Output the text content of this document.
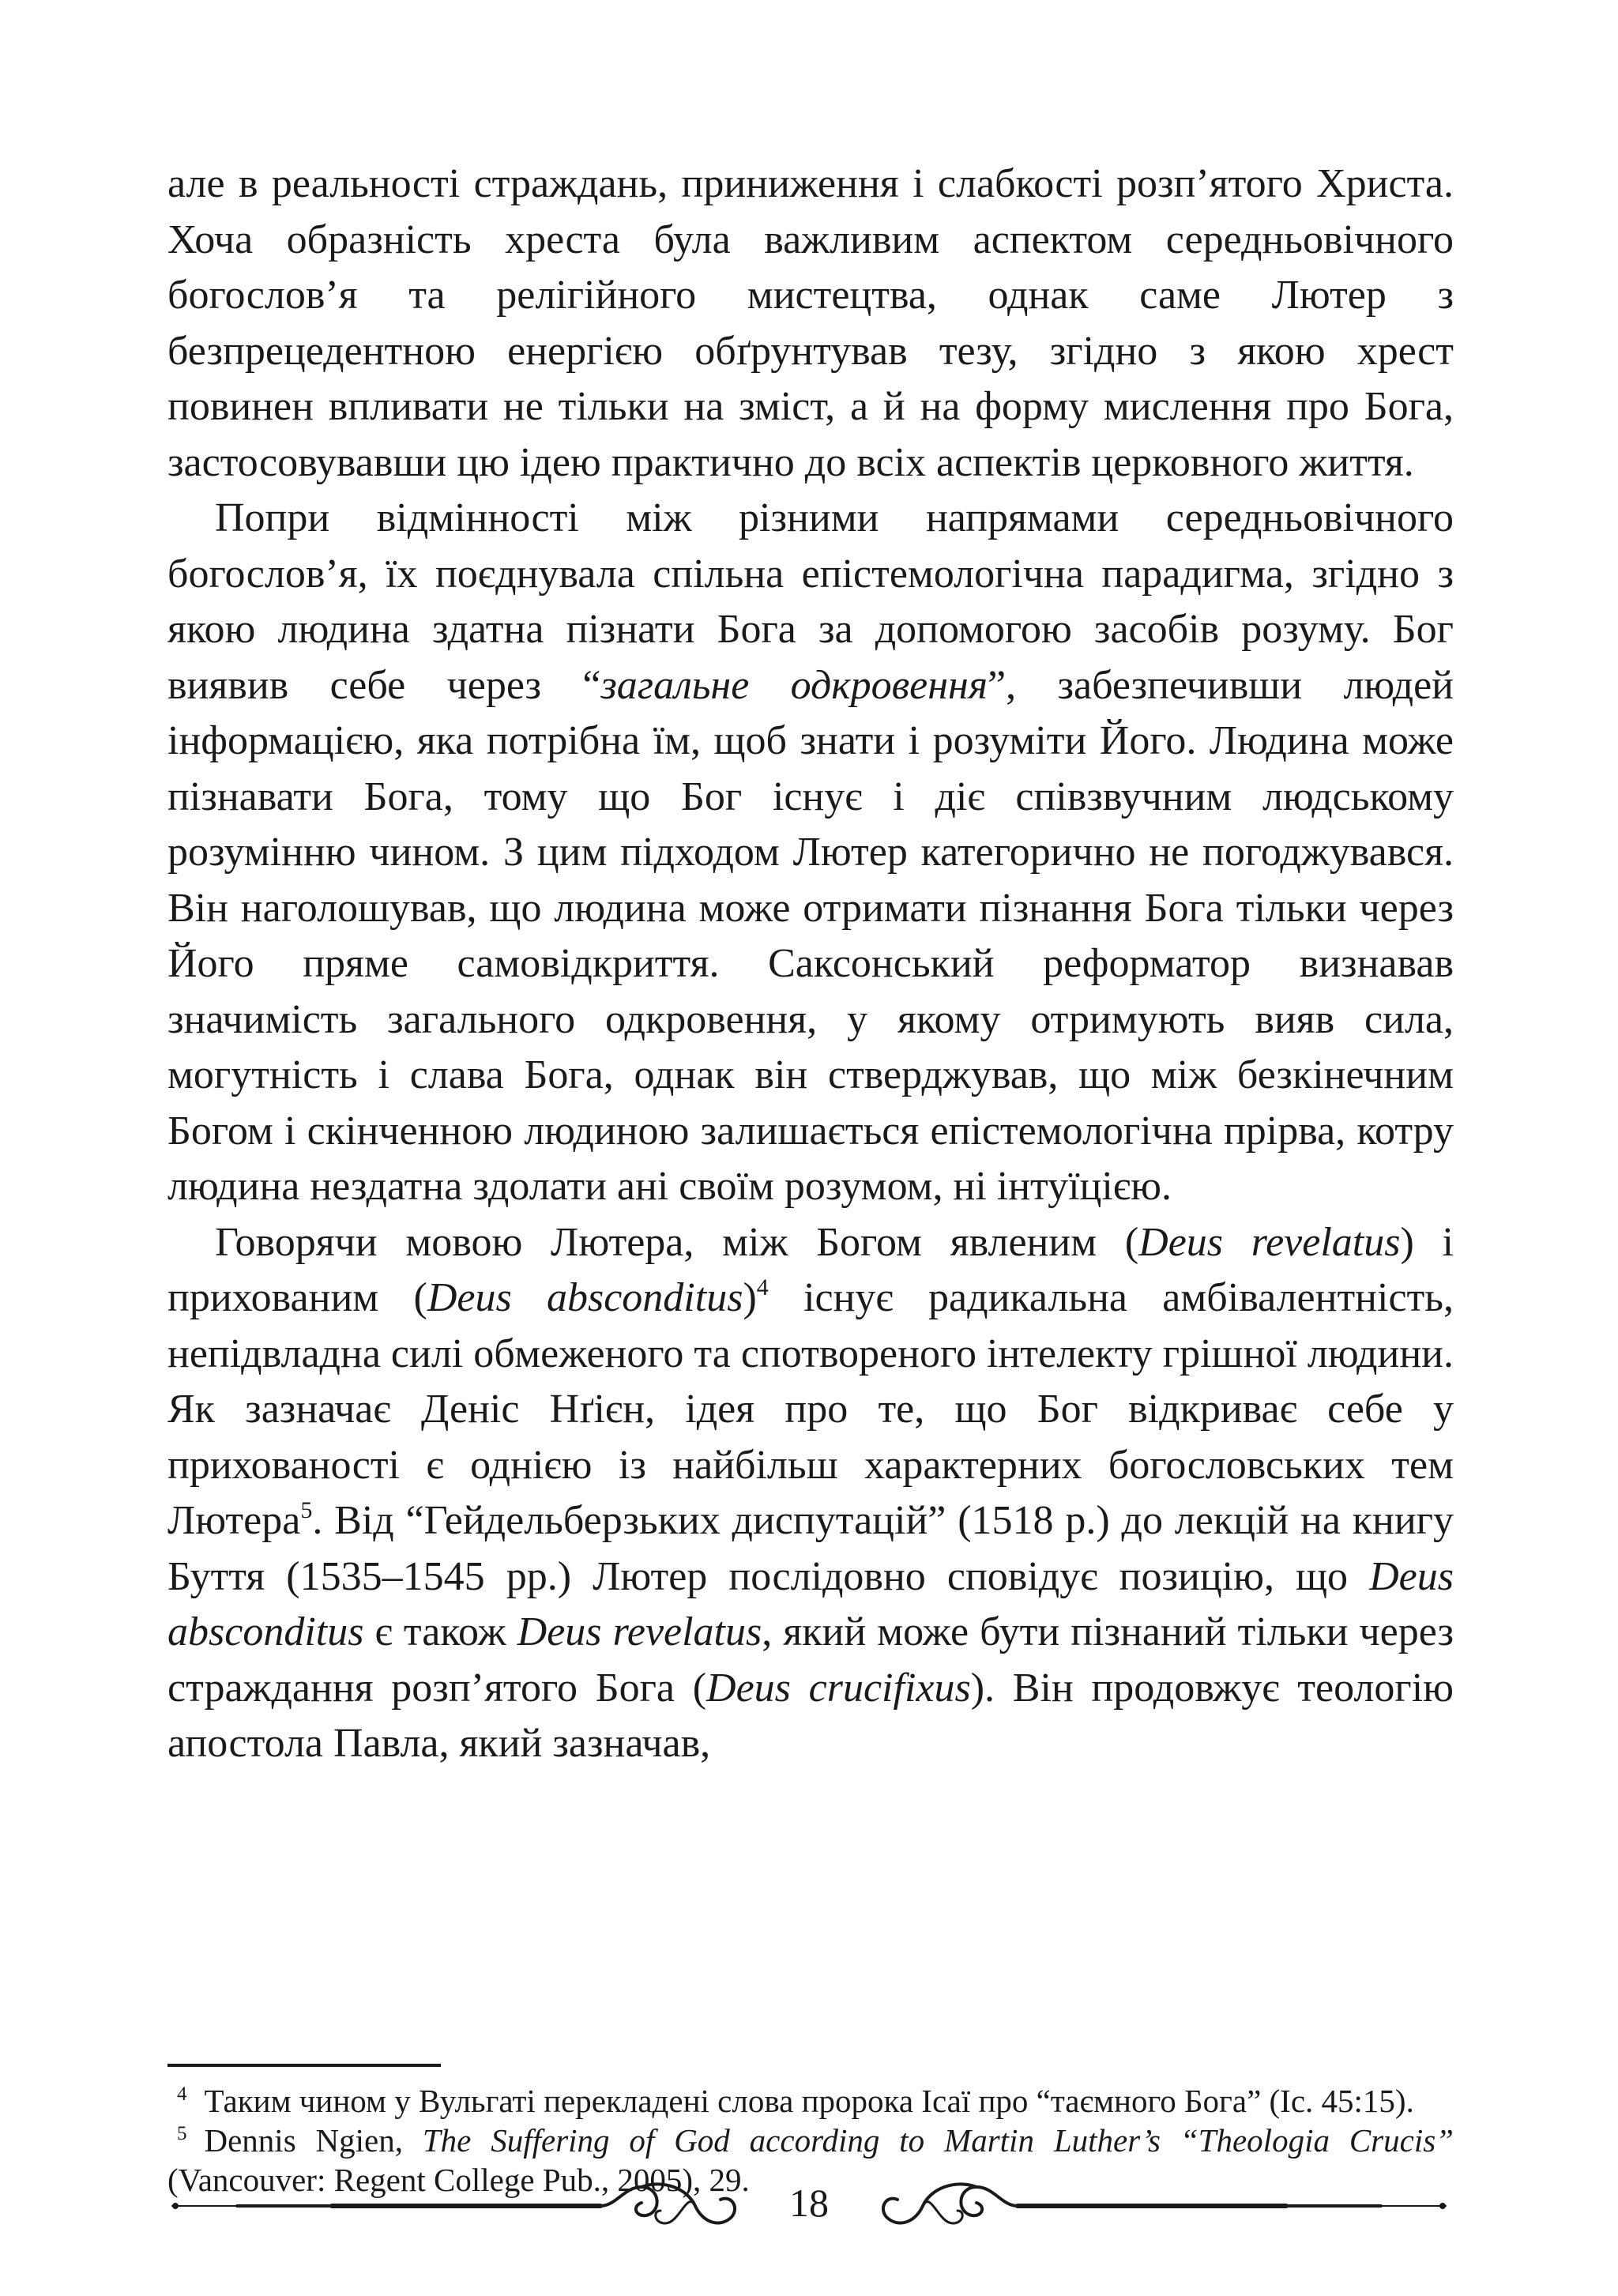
але в реальності страждань, приниження і слабкості розп’ятого Христа. Хоча образність хреста була важливим аспектом середньовічного богослов’я та релігійного мистецтва, однак саме Лютер з безпрецедентною енергією обґрунтував тезу, згідно з якою хрест повинен впливати не тільки на зміст, а й на форму мислення про Бога, застосовувавши цю ідею практично до всіх аспектів церковного життя.

Попри відмінності між різними напрямами середньовічного богослов’я, їх поєднувала спільна епістемологічна парадигма, згідно з якою людина здатна пізнати Бога за допомогою засобів розуму. Бог виявив себе через “загальне одкровення”, забезпечивши людей інформацією, яка потрібна їм, щоб знати і розуміти Його. Людина може пізнавати Бога, тому що Бог існує і діє співзвучним людському розумінню чином. З цим підходом Лютер категорично не погоджувався. Він наголошував, що людина може отримати пізнання Бога тільки через Його пряме самовідкриття. Саксонський реформатор визнавав значимість загального одкровення, у якому отримують вияв сила, могутність і слава Бога, однак він стверджував, що між безкінечним Богом і скінченною людиною залишається епістемологічна прірва, котру людина нездатна здолати ані своїм розумом, ні інтуїцією.

Говорячи мовою Лютера, між Богом явленим (Deus revelatus) і прихованим (Deus absconditus)$^4$ існує радикальна амбівалентність, непідвладна силі обмеженого та спотвореного інтелекту грішної людини. Як зазначає Деніс Нґієн, ідея про те, що Бог відкриває себе у прихованості є однією із найбільш характерних богословських тем Лютера$^5$. Від “Гейдельберзьких диспутацій” (1518 р.) до лекцій на книгу Буття (1535–1545 рр.) Лютер послідовно сповідує позицію, що Deus absconditus є також Deus revelatus, який може бути пізнаний тільки через страждання розп’ятого Бога (Deus crucifixus). Він продовжує теологію апостола Павла, який зазначав,

$^4$ Таким чином у Вульгаті перекладені слова пророка Ісаї про “таємного Бога” (Іс. 45:15).

$^5$ Dennis Ngien, The Suffering of God according to Martin Luther’s “Theologia Crucis” (Vancouver: Regent College Pub., 2005), 29.

18
